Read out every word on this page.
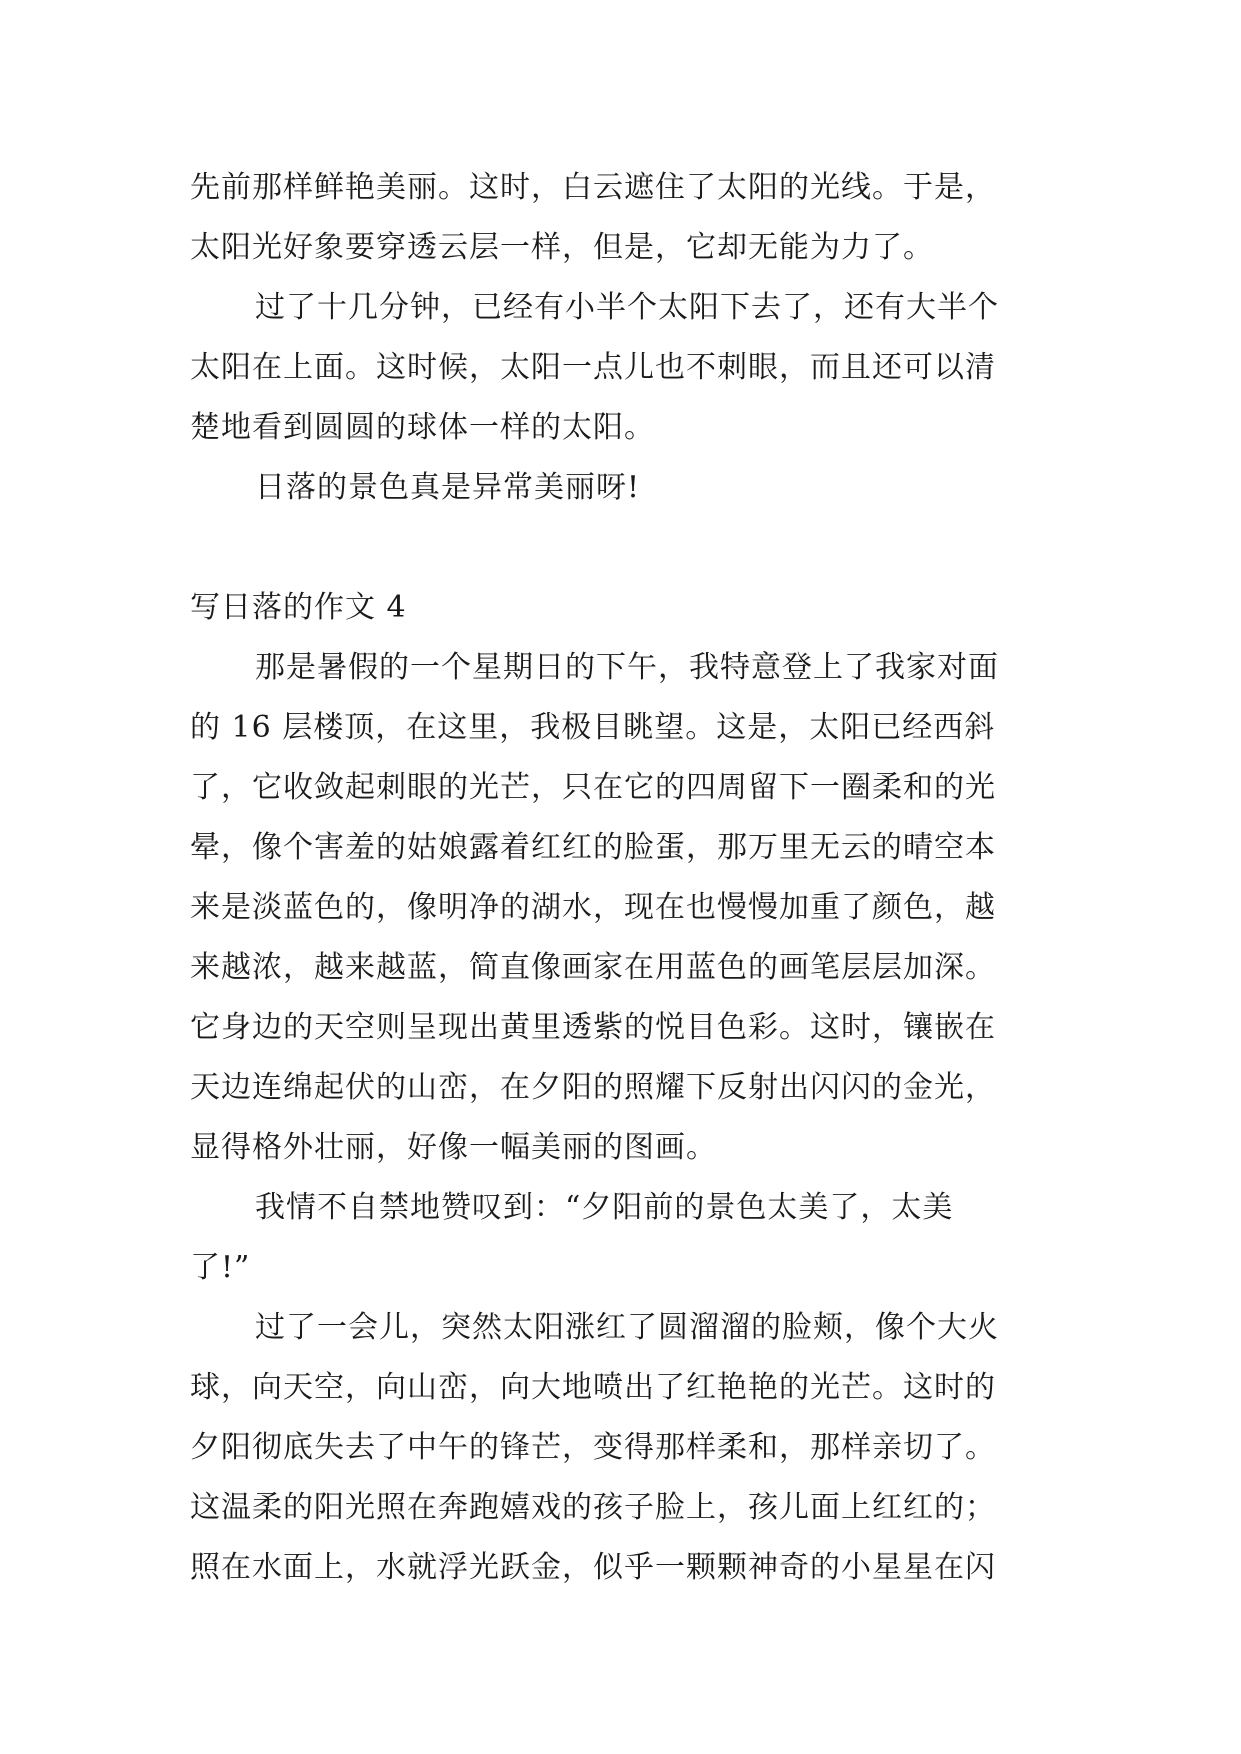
先前那样鲜艳美丽。这时，白云遮住了太阳的光线。于是，
太阳光好象要穿透云层一样，但是，它却无能为力了。
过了十几分钟，已经有小半个太阳下去了，还有大半个
太阳在上面。这时候，太阳一点儿也不刺眼，而且还可以清
楚地看到圆圆的球体一样的太阳。
日落的景色真是异常美丽呀!
写日落的作文 4
那是暑假的一个星期日的下午，我特意登上了我家对面
的 16 层楼顶，在这里，我极目眺望。这是，太阳已经西斜
了，它收敛起刺眼的光芒，只在它的四周留下一圈柔和的光
晕，像个害羞的姑娘露着红红的脸蛋，那万里无云的晴空本
来是淡蓝色的，像明净的湖水，现在也慢慢加重了颜色，越
来越浓，越来越蓝，简直像画家在用蓝色的画笔层层加深。
它身边的天空则呈现出黄里透紫的悦目色彩。这时，镶嵌在
天边连绵起伏的山峦，在夕阳的照耀下反射出闪闪的金光，
显得格外壮丽，好像一幅美丽的图画。
我情不自禁地赞叹到：“夕阳前的景色太美了，太美
了!”
过了一会儿，突然太阳涨红了圆溜溜的脸颊，像个大火
球，向天空，向山峦，向大地喷出了红艳艳的光芒。这时的
夕阳彻底失去了中午的锋芒，变得那样柔和，那样亲切了。
这温柔的阳光照在奔跑嬉戏的孩子脸上，孩儿面上红红的；
照在水面上，水就浮光跃金，似乎一颗颗神奇的小星星在闪
